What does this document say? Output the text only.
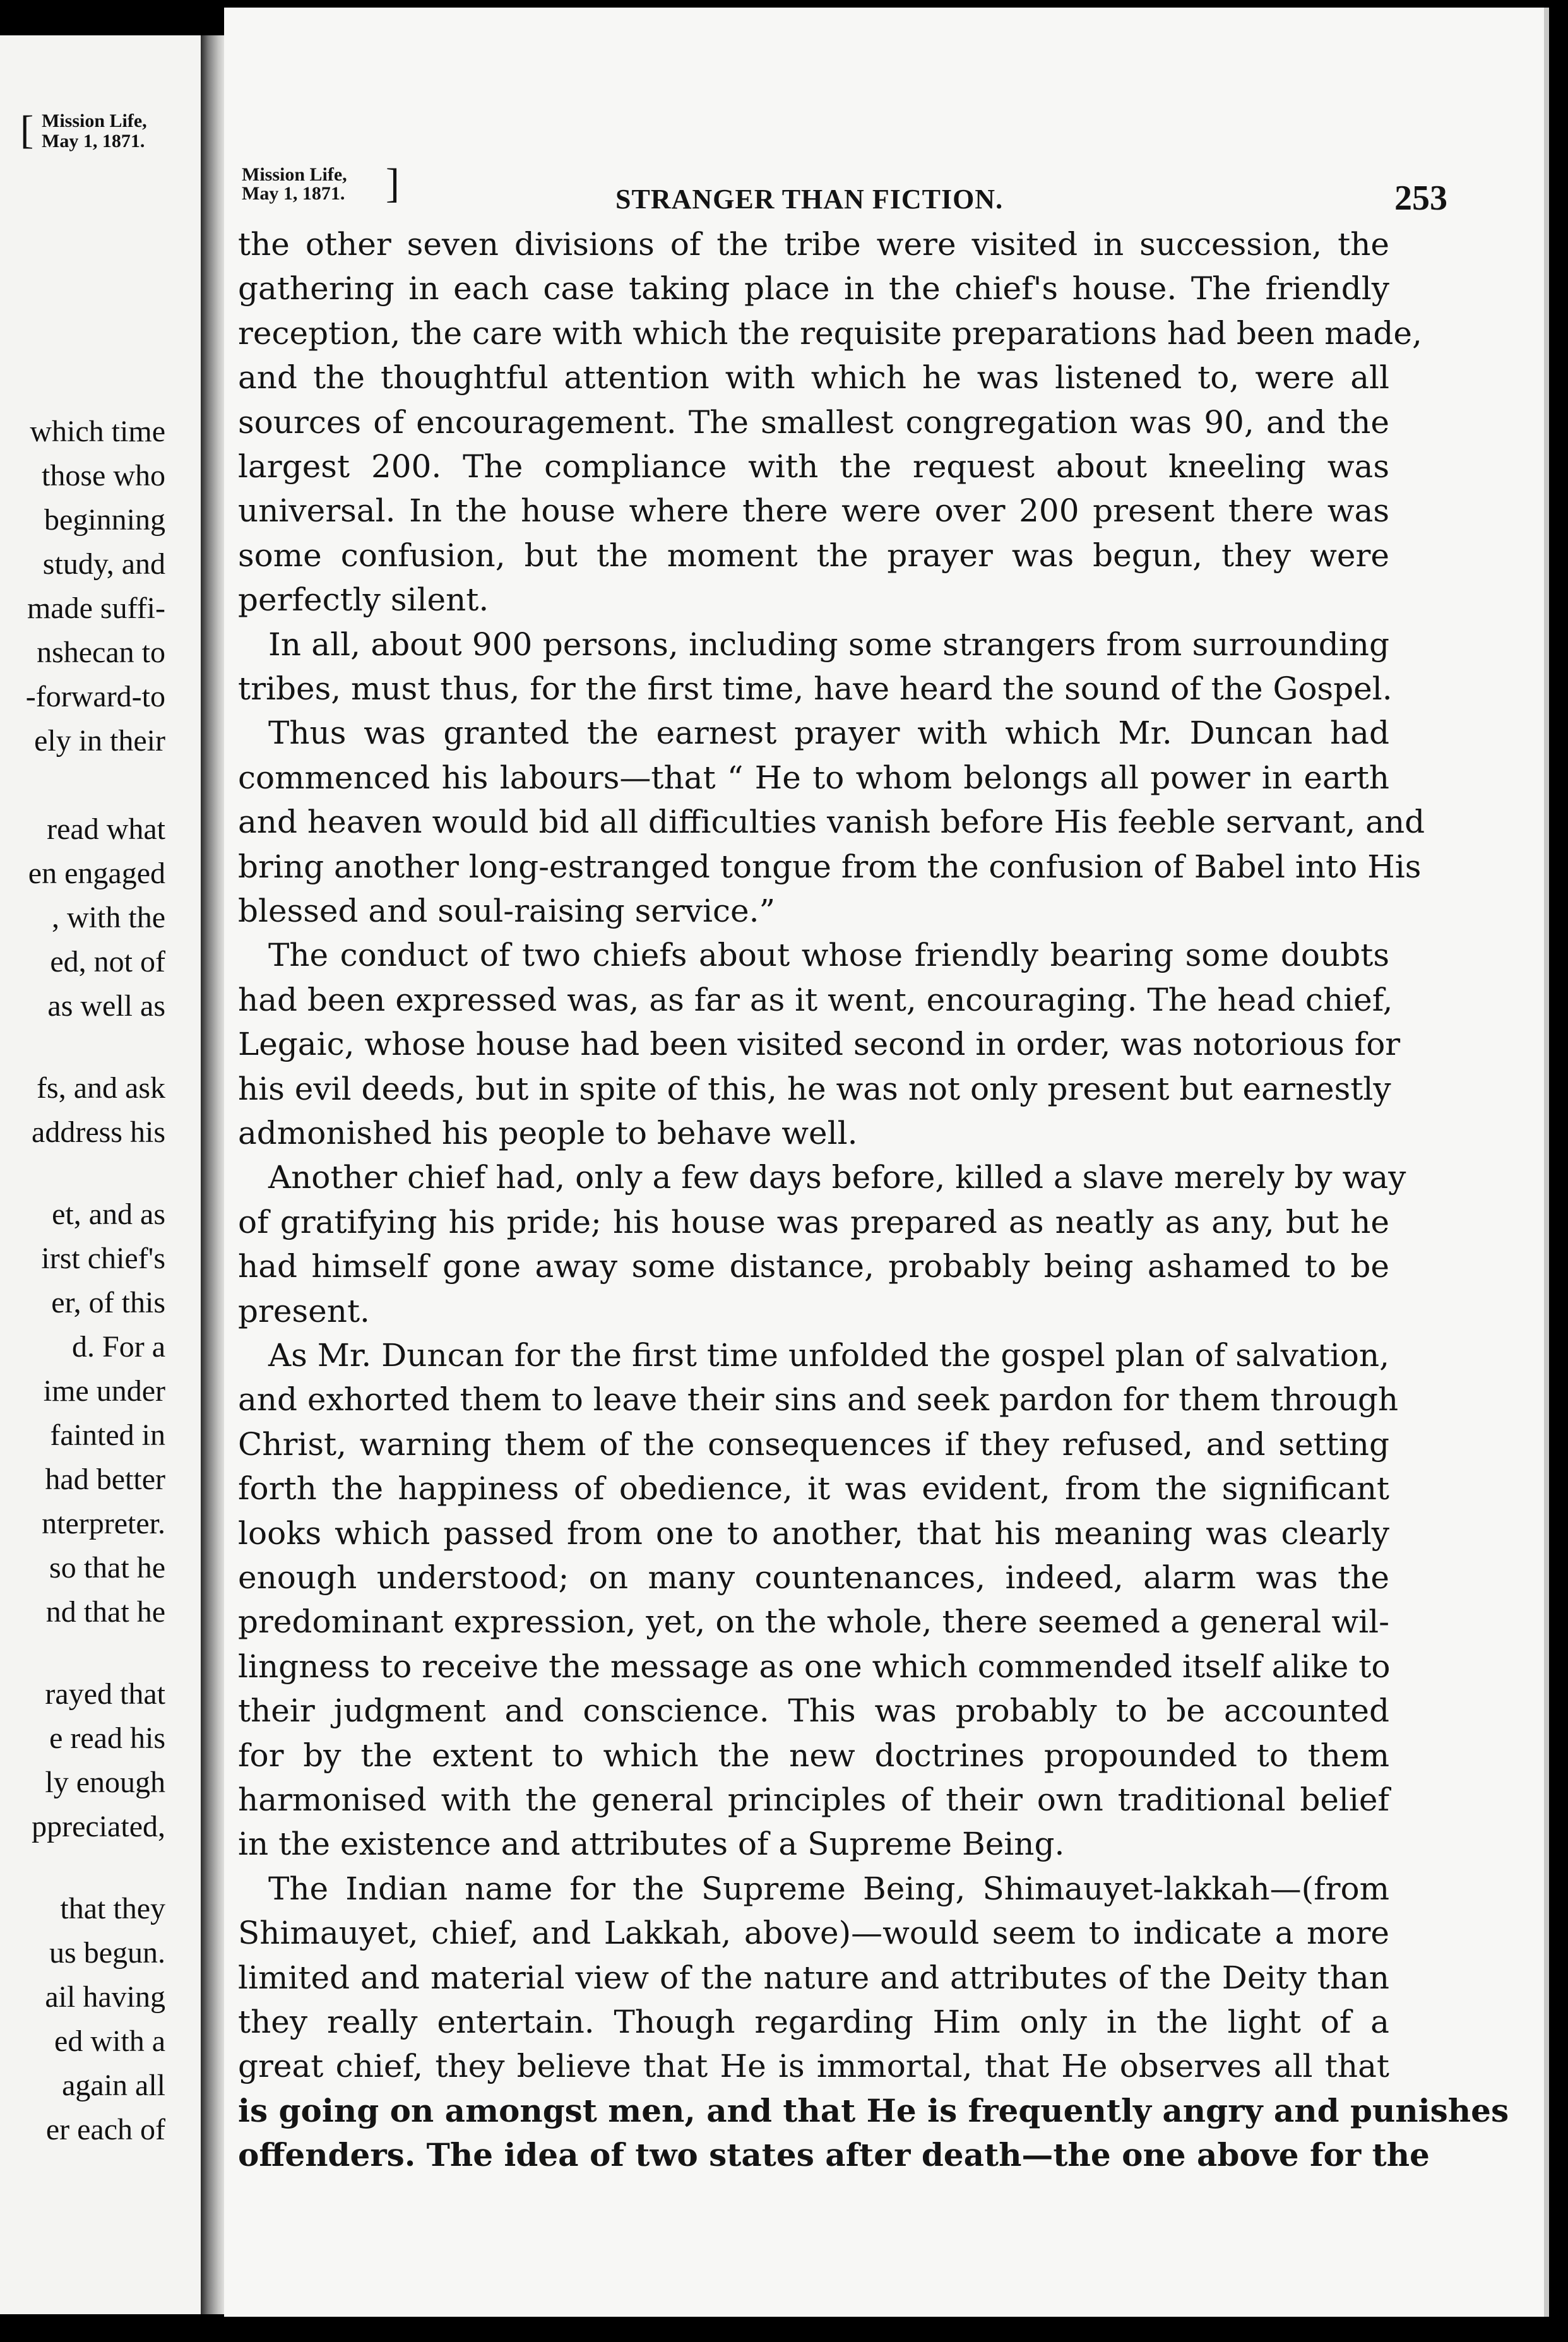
[ Mission Life,
May 1, 1871.
which time
those who
beginning
study, and
made suffi-
nshecan to
-forward-to
ely in their
read what
en engaged
, with the
ed, not of
as well as
fs, and ask
address his
et, and as
irst chief's
er, of this
d. For a
ime under
fainted in
had better
nterpreter.
so that he
nd that he
rayed that
e read his
ly enough
ppreciated,
that they
us begun.
ail having
ed with a
again all
er each of
Mission Life,
May 1, 1871. ]	STRANGER THAN FICTION.	253
the other seven divisions of the tribe were visited in succession, the
gathering in each case taking place in the chief's house. The friendly
reception, the care with which the requisite preparations had been made,
and the thoughtful attention with which he was listened to, were all
sources of encouragement. The smallest congregation was 90, and the
largest 200. The compliance with the request about kneeling was
universal. In the house where there were over 200 present there was
some confusion, but the moment the prayer was begun, they were
perfectly silent.
In all, about 900 persons, including some strangers from surrounding
tribes, must thus, for the first time, have heard the sound of the Gospel.
Thus was granted the earnest prayer with which Mr. Duncan had
commenced his labours—that “ He to whom belongs all power in earth
and heaven would bid all difficulties vanish before His feeble servant, and
bring another long-estranged tongue from the confusion of Babel into His
blessed and soul-raising service.”
The conduct of two chiefs about whose friendly bearing some doubts
had been expressed was, as far as it went, encouraging. The head chief,
Legaic, whose house had been visited second in order, was notorious for
his evil deeds, but in spite of this, he was not only present but earnestly
admonished his people to behave well.
Another chief had, only a few days before, killed a slave merely by way
of gratifying his pride; his house was prepared as neatly as any, but he
had himself gone away some distance, probably being ashamed to be
present.
As Mr. Duncan for the first time unfolded the gospel plan of salvation,
and exhorted them to leave their sins and seek pardon for them through
Christ, warning them of the consequences if they refused, and setting
forth the happiness of obedience, it was evident, from the significant
looks which passed from one to another, that his meaning was clearly
enough understood; on many countenances, indeed, alarm was the
predominant expression, yet, on the whole, there seemed a general wil-
lingness to receive the message as one which commended itself alike to
their judgment and conscience. This was probably to be accounted
for by the extent to which the new doctrines propounded to them
harmonised with the general principles of their own traditional belief
in the existence and attributes of a Supreme Being.
The Indian name for the Supreme Being, Shimauyet-lakkah—(from
Shimauyet, chief, and Lakkah, above)—would seem to indicate a more
limited and material view of the nature and attributes of the Deity than
they really entertain. Though regarding Him only in the light of a
great chief, they believe that He is immortal, that He observes all that
is going on amongst men, and that He is frequently angry and punishes
offenders. The idea of two states after death—the one above for the
